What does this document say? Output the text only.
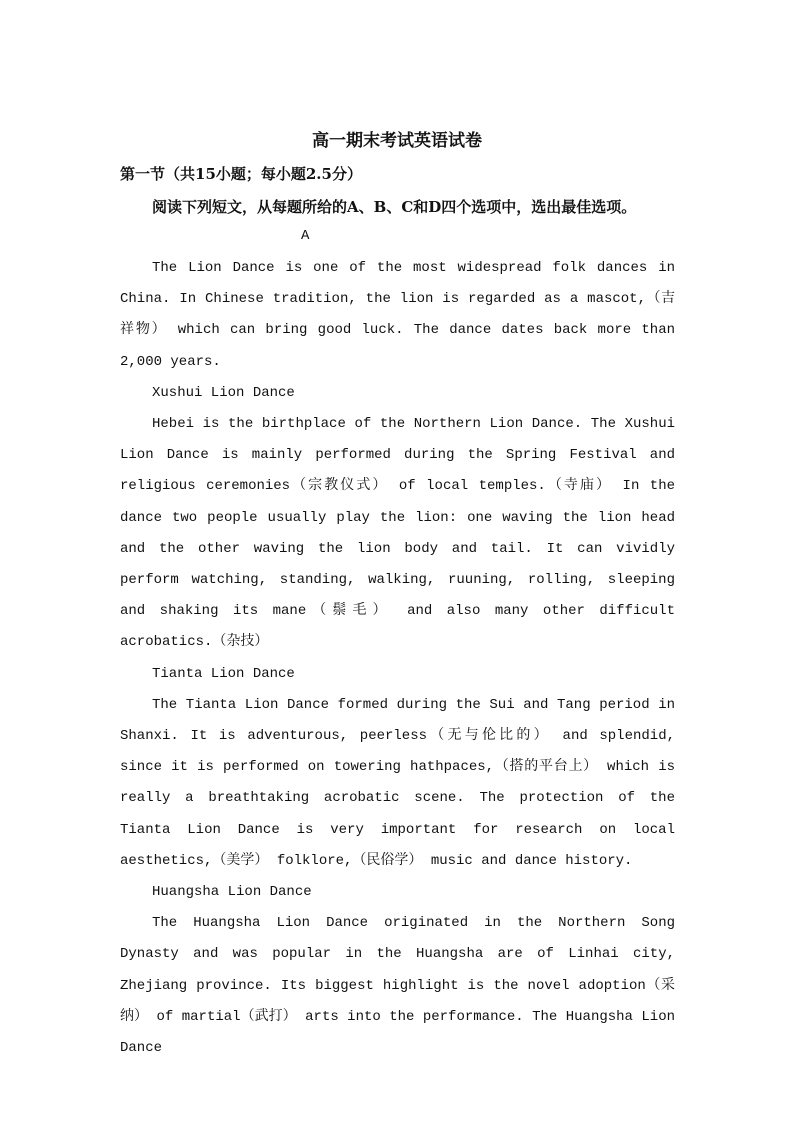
高一期末考试英语试卷
第一节（共15小题；每小题2.5分）
阅读下列短文，从每题所给的A、B、C和D四个选项中，选出最佳选项。
A

The Lion Dance is one of the most widespread folk dances in China. In Chinese tradition, the lion is regarded as a mascot,（吉祥物） which can bring good luck. The dance dates back more than 2,000 years.

Xushui Lion Dance

Hebei is the birthplace of the Northern Lion Dance. The Xushui Lion Dance is mainly performed during the Spring Festival and religious ceremonies（宗教仪式） of local temples.（寺庙） In the dance two people usually play the lion: one waving the lion head and the other waving the lion body and tail. It can vividly perform watching, standing, walking, ruuning, rolling, sleeping and shaking its mane（鬃毛） and also many other difficult acrobatics.（杂技）

Tianta Lion Dance

The Tianta Lion Dance formed during the Sui and Tang period in Shanxi. It is adventurous, peerless（无与伦比的） and splendid, since it is performed on towering hathpaces,（搭的平台上） which is really a breathtaking acrobatic scene. The protection of the Tianta Lion Dance is very important for research on local aesthetics,（美学） folklore,（民俗学） music and dance history.

Huangsha Lion Dance

The Huangsha Lion Dance originated in the Northern Song Dynasty and was popular in the Huangsha are of Linhai city, Zhejiang province. Its biggest highlight is the novel adoption（采纳） of martial（武打） arts into the performance. The Huangsha Lion Dance
